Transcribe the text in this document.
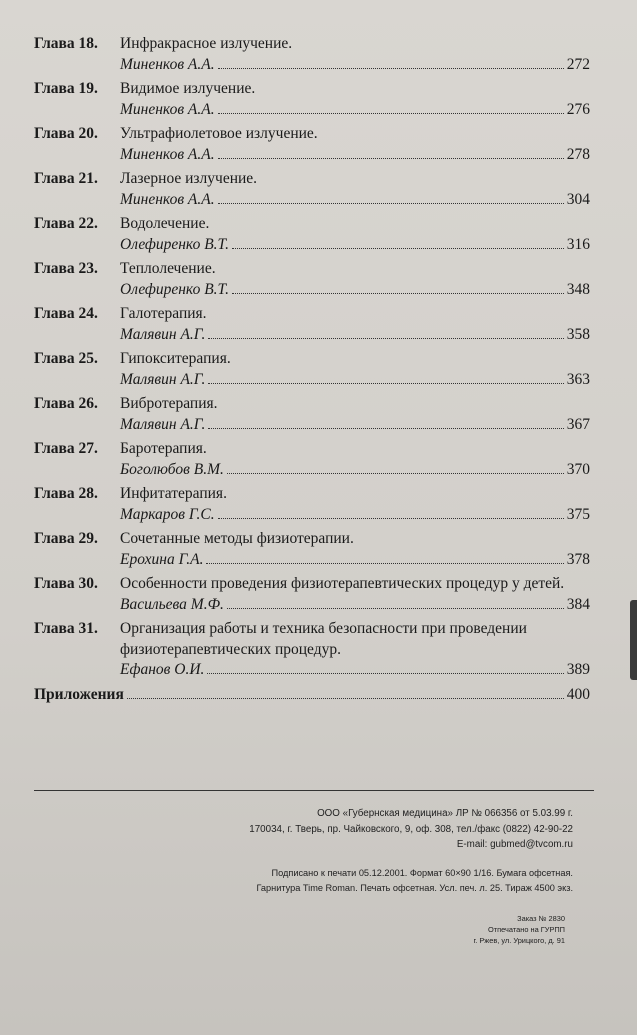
Глава 18.	Инфракрасное излучение.
Миненков А.А.	272
Глава 19.	Видимое излучение.
Миненков А.А.	276
Глава 20.	Ультрафиолетовое излучение.
Миненков А.А.	278
Глава 21.	Лазерное излучение.
Миненков А.А.	304
Глава 22.	Водолечение.
Олефиренко В.Т.	316
Глава 23.	Теплолечение.
Олефиренко В.Т.	348
Глава 24.	Галотерапия.
Малявин А.Г.	358
Глава 25.	Гипокситерапия.
Малявин А.Г.	363
Глава 26.	Вибротерапия.
Малявин А.Г.	367
Глава 27.	Баротерапия.
Боголюбов В.М.	370
Глава 28.	Инфитатерапия.
Маркаров Г.С.	375
Глава 29.	Сочетанные методы физиотерапии.
Ерохина Г.А.	378
Глава 30.	Особенности проведения физиотерапевтических процедур у детей.
Васильева М.Ф.	384
Глава 31.	Организация работы и техника безопасности при проведении физиотерапевтических процедур.
Ефанов О.И.	389
Приложения	400
ООО «Губернская медицина» ЛР № 066356 от 5.03.99 г.
170034, г. Тверь, пр. Чайковского, 9, оф. 308, тел./факс (0822) 42-90-22
E-mail: gubmed@tvcom.ru
Подписано к печати 05.12.2001. Формат 60×90 1/16. Бумага офсетная.
Гарнитура Time Roman. Печать офсетная. Усл. печ. л. 25. Тираж 4500 экз.
Заказ № 2830
Отпечатано на ГУРПП
г. Ржев, ул. Урицкого, д. 91
